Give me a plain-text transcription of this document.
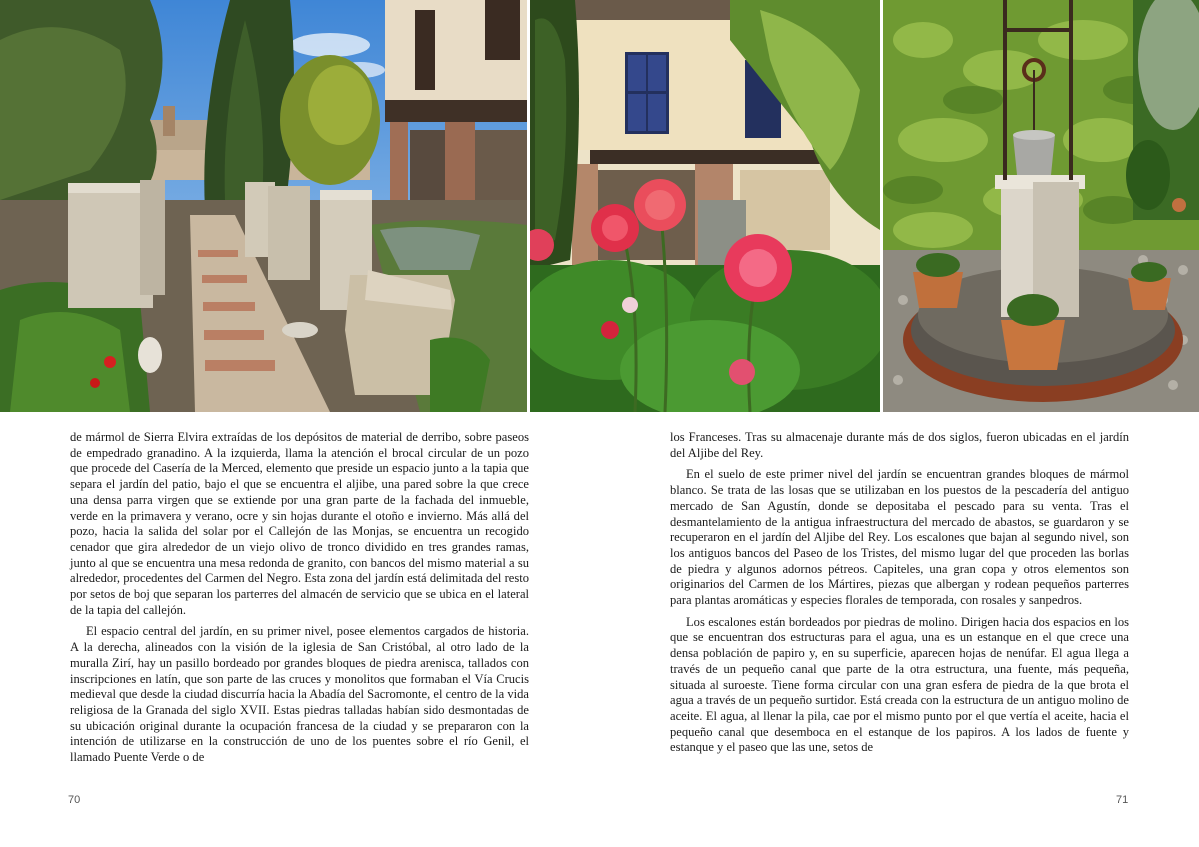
de mármol de Sierra Elvira extraídas de los depósitos de material de derribo, sobre paseos de empedrado granadino. A la izquierda, llama la atención el brocal circular de un pozo que procede del Casería de la Merced, elemento que preside un espacio junto a la tapia que separa el jardín del patio, bajo el que se encuentra el aljibe, una pared sobre la que crece una densa parra virgen que se extiende por una gran parte de la fachada del inmueble, verde en la primavera y verano, ocre y sin hojas durante el otoño e invierno. Más allá del pozo, hacia la salida del solar por el Callejón de las Monjas, se encuentra un recogido cenador que gira alrededor de un viejo olivo de tronco dividido en tres grandes ramas, junto al que se encuentra una mesa redonda de granito, con bancos del mismo material a su alrededor, procedentes del Carmen del Negro. Esta zona del jardín está delimitada del resto por setos de boj que separan los parterres del almacén de servicio que se ubica en el lateral de la tapia del callejón.

El espacio central del jardín, en su primer nivel, posee elementos cargados de historia. A la derecha, alineados con la visión de la iglesia de San Cristóbal, al otro lado de la muralla Zirí, hay un pasillo bordeado por grandes bloques de piedra arenisca, tallados con inscripciones en latín, que son parte de las cruces y monolitos que formaban el Vía Crucis medieval que desde la ciudad discurría hacia la Abadía del Sacromonte, el centro de la vida religiosa de la Granada del siglo XVII. Estas piedras talladas habían sido desmontadas de su ubicación original durante la ocupación francesa de la ciudad y se prepararon con la intención de utilizarse en la construcción de uno de los puentes sobre el río Genil, el llamado Puente Verde o de

los Franceses. Tras su almacenaje durante más de dos siglos, fueron ubicadas en el jardín del Aljibe del Rey.

En el suelo de este primer nivel del jardín se encuentran grandes bloques de mármol blanco. Se trata de las losas que se utilizaban en los puestos de la pescadería del antiguo mercado de San Agustín, donde se depositaba el pescado para su venta. Tras el desmantelamiento de la antigua infraestructura del mercado de abastos, se guardaron y se recuperaron en el jardín del Aljibe del Rey. Los escalones que bajan al segundo nivel, son los antiguos bancos del Paseo de los Tristes, del mismo lugar del que proceden las borlas de piedra y algunos adornos pétreos. Capiteles, una gran copa y otros elementos son originarios del Carmen de los Mártires, piezas que albergan y rodean pequeños parterres para plantas aromáticas y especies florales de temporada, con rosales y sanpedros.

Los escalones están bordeados por piedras de molino. Dirigen hacia dos espacios en los que se encuentran dos estructuras para el agua, una es un estanque en el que crece una densa población de papiro y, en su superficie, aparecen hojas de nenúfar. El agua llega a través de un pequeño canal que parte de la otra estructura, una fuente, más pequeña, situada al suroeste. Tiene forma circular con una gran esfera de piedra de la que brota el agua a través de un pequeño surtidor. Está creada con la estructura de un antiguo molino de aceite. El agua, al llenar la pila, cae por el mismo punto por el que vertía el aceite, hacia el pequeño canal que desemboca en el estanque de los papiros. A los lados de fuente y estanque y el paseo que las une, setos de

70	71
